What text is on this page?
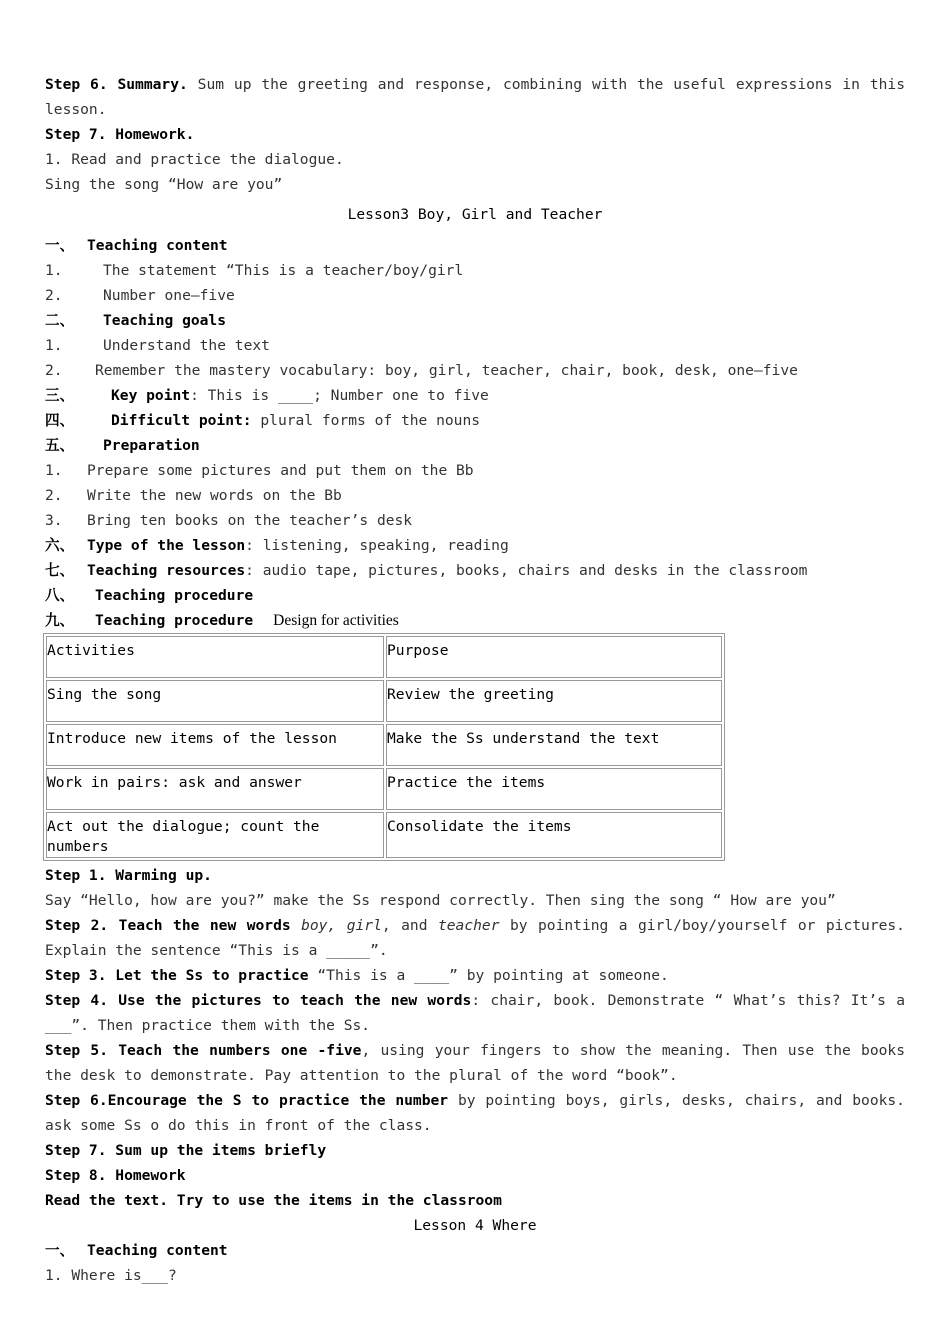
Step 6. Summary. Sum up the greeting and response, combining with the useful expressions in this
lesson.
Step 7. Homework.
1. Read and practice the dialogue.
Sing the song “How are you”
Lesson3 Boy, Girl and Teacher
一、 Teaching content
1.	The statement “This is a teacher/boy/girl
2.	Number one—five
二、 Teaching goals
1.	Understand the text
2. Remember the mastery vocabulary: boy, girl, teacher, chair, book, desk, one—five
三、	Key point: This is ____; Number one to five
四、	Difficult point: plural forms of the nouns
五、 Preparation
1. Prepare some pictures and put them on the Bb
2. Write the new words on the Bb
3. Bring ten books on the teacher’s desk
六、 Type of the lesson: listening, speaking, reading
七、 Teaching resources: audio tape, pictures, books, chairs and desks in the classroom
八、 Teaching procedure
九、 Teaching procedure Design for activities
Activities	Purpose
Sing the song	Review the greeting
Introduce new items of the lesson	Make the Ss understand the text
Work in pairs: ask and answer	Practice the items
Act out the dialogue; count the numbers	Consolidate the items
Step 1. Warming up.
Say “Hello, how are you?” make the Ss respond correctly. Then sing the song “ How are you”
Step 2. Teach the new words boy, girl, and teacher by pointing a girl/boy/yourself or pictures.
Explain the sentence “This is a _____”.
Step 3. Let the Ss to practice “This is a ____” by pointing at someone.
Step 4. Use the pictures to teach the new words: chair, book. Demonstrate “ What’s this? It’s a
___”. Then practice them with the Ss.
Step 5. Teach the numbers one -five, using your fingers to show the meaning. Then use the books
the desk to demonstrate. Pay attention to the plural of the word “book”.
Step 6.Encourage the S to practice the number by pointing boys, girls, desks, chairs, and books.
ask some Ss o do this in front of the class.
Step 7. Sum up the items briefly
Step 8. Homework
Read the text. Try to use the items in the classroom
Lesson 4 Where
一、 Teaching content
1. Where is___?
